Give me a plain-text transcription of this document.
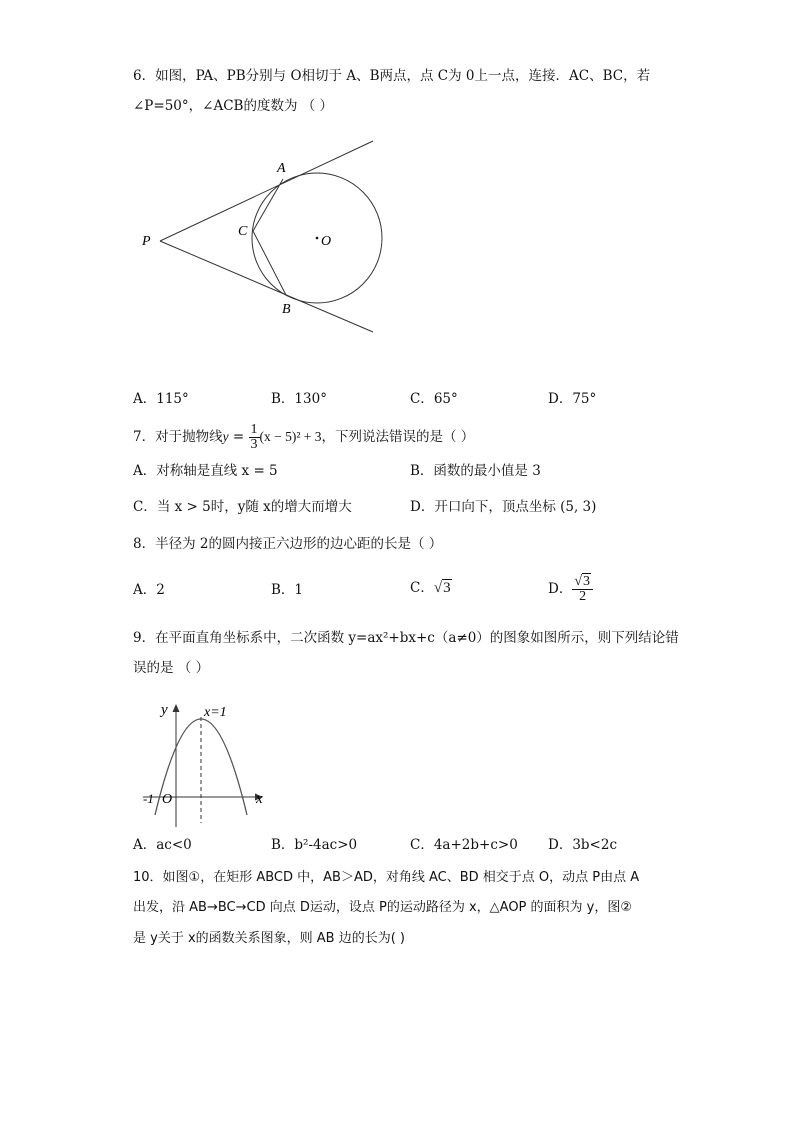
6．如图，PA、PB分别与 O相切于 A、B两点，点 C为 0上一点，连接．AC、BC，若
∠P=50°，∠ACB的度数为 （ ）
P
A
C
O
B
A．115°	B．130°	C．65°	D．75°
7．对于抛物线$y = \frac{1}{3} (x - 5)^2 + 3$，下列说法错误的是（ ）
A．对称轴是直线 x = 5	B．函数的最小值是 3
C．当 x > 5时，y随 x的增大而增大	D．开口向下，顶点坐标 (5, 3)
8．半径为 2的圆内接正六边形的边心距的长是（ ）
A．2	B．1	C．√3	D． $\frac{√3}{2}$
9．在平面直角坐标系中，二次函数 y=ax²+bx+c（a≠0）的图象如图所示，则下列结论错
误的是 （ ）
y	x=1
-1 O	x
A．ac<0	B．b²-4ac>0	C．4a+2b+c>0 D．3b<2c
10．如图①，在矩形 ABCD 中，AB＞AD，对角线 AC、BD 相交于点 O，动点 P由点 A
出发，沿 AB→BC→CD 向点 D运动，设点 P的运动路径为 x，△AOP 的面积为 y，图②
是 y关于 x的函数关系图象，则 AB 边的长为( )
